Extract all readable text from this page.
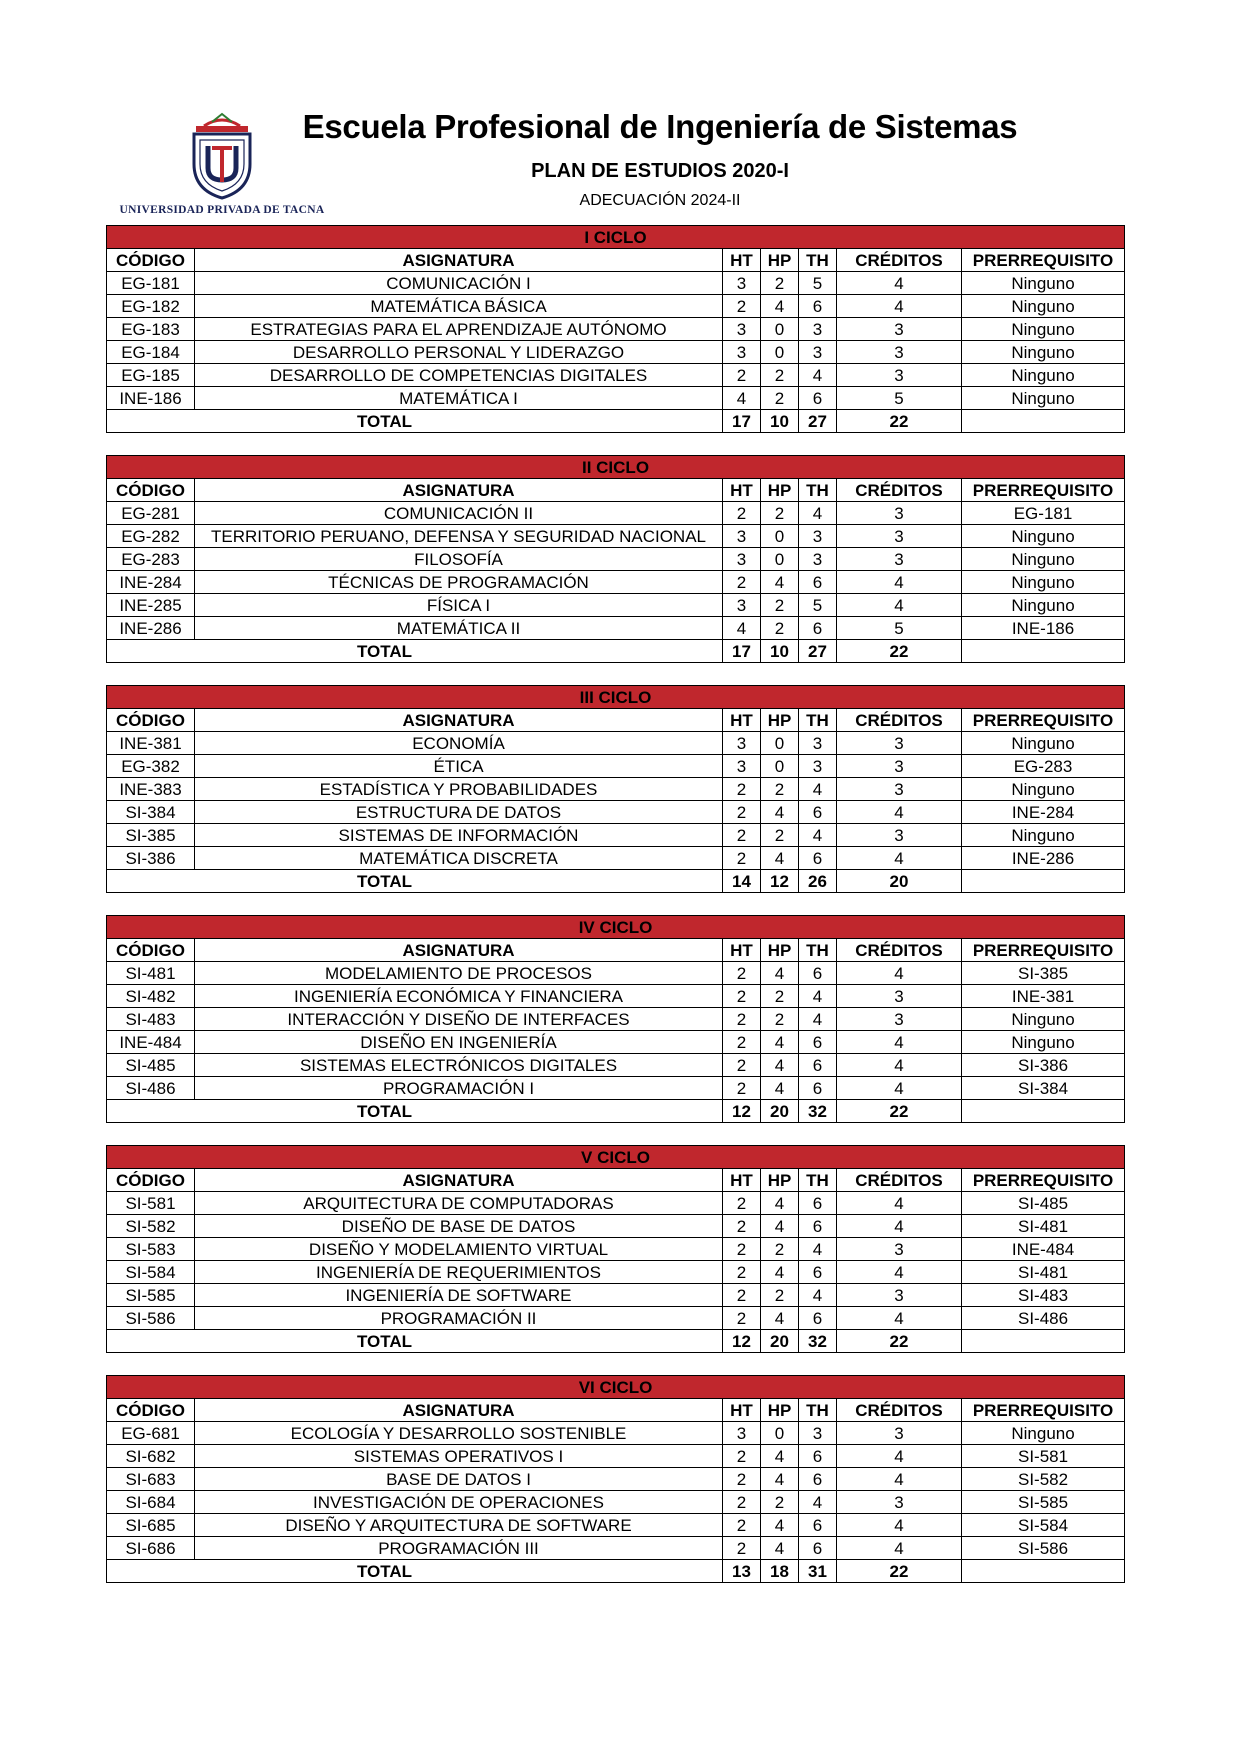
UNIVERSIDAD PRIVADA DE TACNA
Escuela Profesional de Ingeniería de Sistemas
PLAN DE ESTUDIOS 2020-I
ADECUACIÓN 2024-II
I CICLO						
CÓDIGO	ASIGNATURA	HT	HP	TH	CRÉDITOS	PRERREQUISITO
EG-181	COMUNICACIÓN I	3	2	5	4	Ninguno
EG-182	MATEMÁTICA BÁSICA	2	4	6	4	Ninguno
EG-183	ESTRATEGIAS PARA EL APRENDIZAJE AUTÓNOMO	3	0	3	3	Ninguno
EG-184	DESARROLLO PERSONAL Y LIDERAZGO	3	0	3	3	Ninguno
EG-185	DESARROLLO DE COMPETENCIAS DIGITALES	2	2	4	3	Ninguno
INE-186	MATEMÁTICA I	4	2	6	5	Ninguno
TOTAL		17	10	27	22	
II CICLO						
CÓDIGO	ASIGNATURA	HT	HP	TH	CRÉDITOS	PRERREQUISITO
EG-281	COMUNICACIÓN II	2	2	4	3	EG-181
EG-282	TERRITORIO PERUANO, DEFENSA Y SEGURIDAD NACIONAL	3	0	3	3	Ninguno
EG-283	FILOSOFÍA	3	0	3	3	Ninguno
INE-284	TÉCNICAS DE PROGRAMACIÓN	2	4	6	4	Ninguno
INE-285	FÍSICA I	3	2	5	4	Ninguno
INE-286	MATEMÁTICA II	4	2	6	5	INE-186
TOTAL		17	10	27	22	
III CICLO						
CÓDIGO	ASIGNATURA	HT	HP	TH	CRÉDITOS	PRERREQUISITO
INE-381	ECONOMÍA	3	0	3	3	Ninguno
EG-382	ÉTICA	3	0	3	3	EG-283
INE-383	ESTADÍSTICA Y PROBABILIDADES	2	2	4	3	Ninguno
SI-384	ESTRUCTURA DE DATOS	2	4	6	4	INE-284
SI-385	SISTEMAS DE INFORMACIÓN	2	2	4	3	Ninguno
SI-386	MATEMÁTICA DISCRETA	2	4	6	4	INE-286
TOTAL		14	12	26	20	
IV CICLO						
CÓDIGO	ASIGNATURA	HT	HP	TH	CRÉDITOS	PRERREQUISITO
SI-481	MODELAMIENTO DE PROCESOS	2	4	6	4	SI-385
SI-482	INGENIERÍA ECONÓMICA Y FINANCIERA	2	2	4	3	INE-381
SI-483	INTERACCIÓN Y DISEÑO DE INTERFACES	2	2	4	3	Ninguno
INE-484	DISEÑO EN INGENIERÍA	2	4	6	4	Ninguno
SI-485	SISTEMAS ELECTRÓNICOS DIGITALES	2	4	6	4	SI-386
SI-486	PROGRAMACIÓN I	2	4	6	4	SI-384
TOTAL		12	20	32	22	
V CICLO						
CÓDIGO	ASIGNATURA	HT	HP	TH	CRÉDITOS	PRERREQUISITO
SI-581	ARQUITECTURA DE COMPUTADORAS	2	4	6	4	SI-485
SI-582	DISEÑO DE BASE DE DATOS	2	4	6	4	SI-481
SI-583	DISEÑO Y MODELAMIENTO VIRTUAL	2	2	4	3	INE-484
SI-584	INGENIERÍA DE REQUERIMIENTOS	2	4	6	4	SI-481
SI-585	INGENIERÍA DE SOFTWARE	2	2	4	3	SI-483
SI-586	PROGRAMACIÓN II	2	4	6	4	SI-486
TOTAL		12	20	32	22	
VI CICLO						
CÓDIGO	ASIGNATURA	HT	HP	TH	CRÉDITOS	PRERREQUISITO
EG-681	ECOLOGÍA Y DESARROLLO SOSTENIBLE	3	0	3	3	Ninguno
SI-682	SISTEMAS OPERATIVOS I	2	4	6	4	SI-581
SI-683	BASE DE DATOS I	2	4	6	4	SI-582
SI-684	INVESTIGACIÓN DE OPERACIONES	2	2	4	3	SI-585
SI-685	DISEÑO Y ARQUITECTURA DE SOFTWARE	2	4	6	4	SI-584
SI-686	PROGRAMACIÓN III	2	4	6	4	SI-586
TOTAL		13	18	31	22	
